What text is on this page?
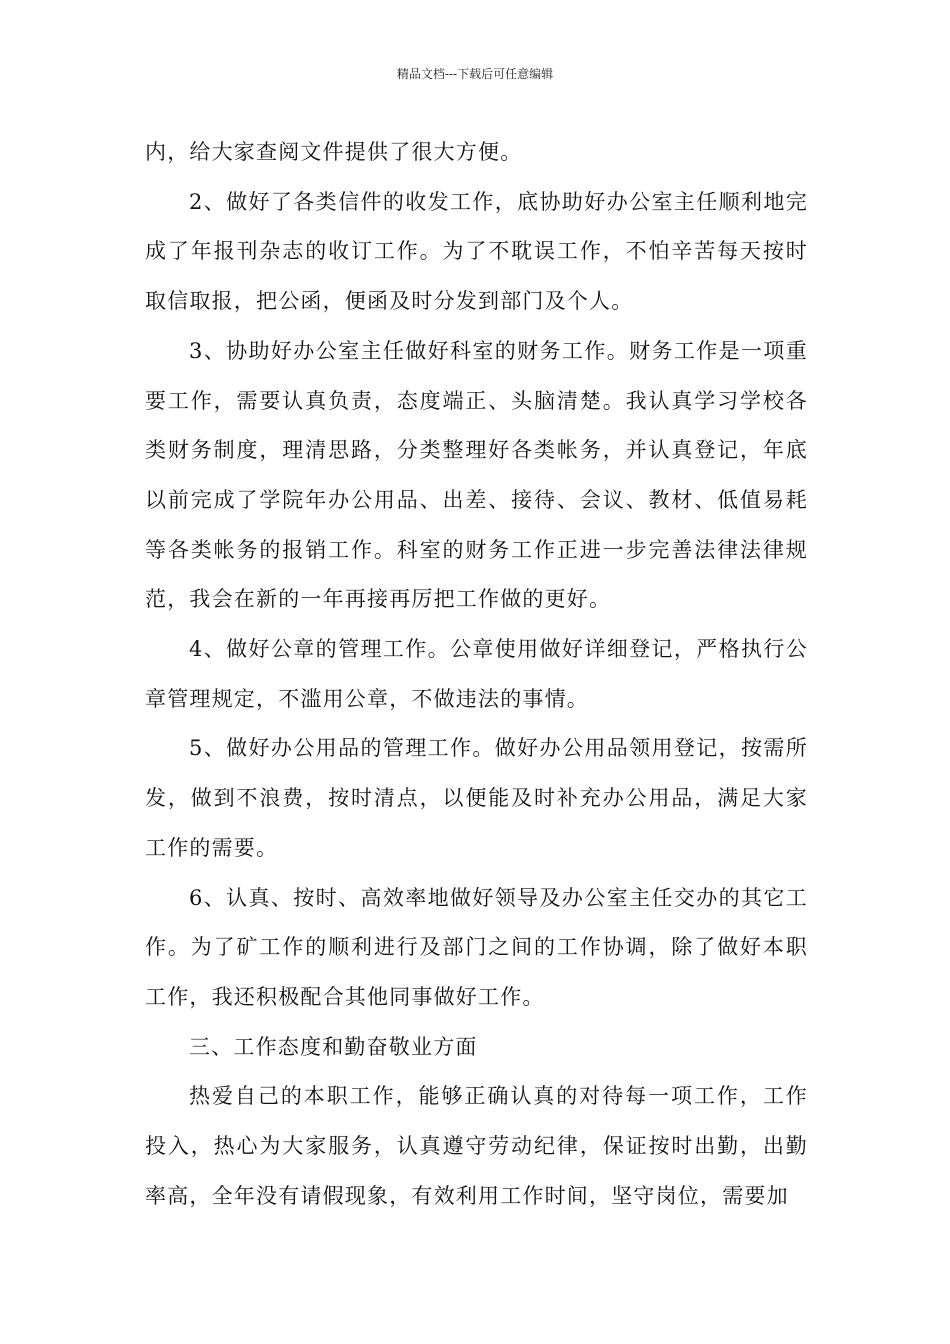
精品文档---下载后可任意编辑

内，给大家查阅文件提供了很大方便。

2、做好了各类信件的收发工作，底协助好办公室主任顺利地完成了年报刊杂志的收订工作。为了不耽误工作，不怕辛苦每天按时取信取报，把公函，便函及时分发到部门及个人。

3、协助好办公室主任做好科室的财务工作。财务工作是一项重要工作，需要认真负责，态度端正、头脑清楚。我认真学习学校各类财务制度，理清思路，分类整理好各类帐务，并认真登记，年底以前完成了学院年办公用品、出差、接待、会议、教材、低值易耗等各类帐务的报销工作。科室的财务工作正进一步完善法律法律规范，我会在新的一年再接再厉把工作做的更好。

4、做好公章的管理工作。公章使用做好详细登记，严格执行公章管理规定，不滥用公章，不做违法的事情。

5、做好办公用品的管理工作。做好办公用品领用登记，按需所发，做到不浪费，按时清点，以便能及时补充办公用品，满足大家工作的需要。

6、认真、按时、高效率地做好领导及办公室主任交办的其它工作。为了矿工作的顺利进行及部门之间的工作协调，除了做好本职工作，我还积极配合其他同事做好工作。

三、工作态度和勤奋敬业方面

热爱自己的本职工作，能够正确认真的对待每一项工作，工作投入，热心为大家服务，认真遵守劳动纪律，保证按时出勤，出勤率高，全年没有请假现象，有效利用工作时间，坚守岗位，需要加
